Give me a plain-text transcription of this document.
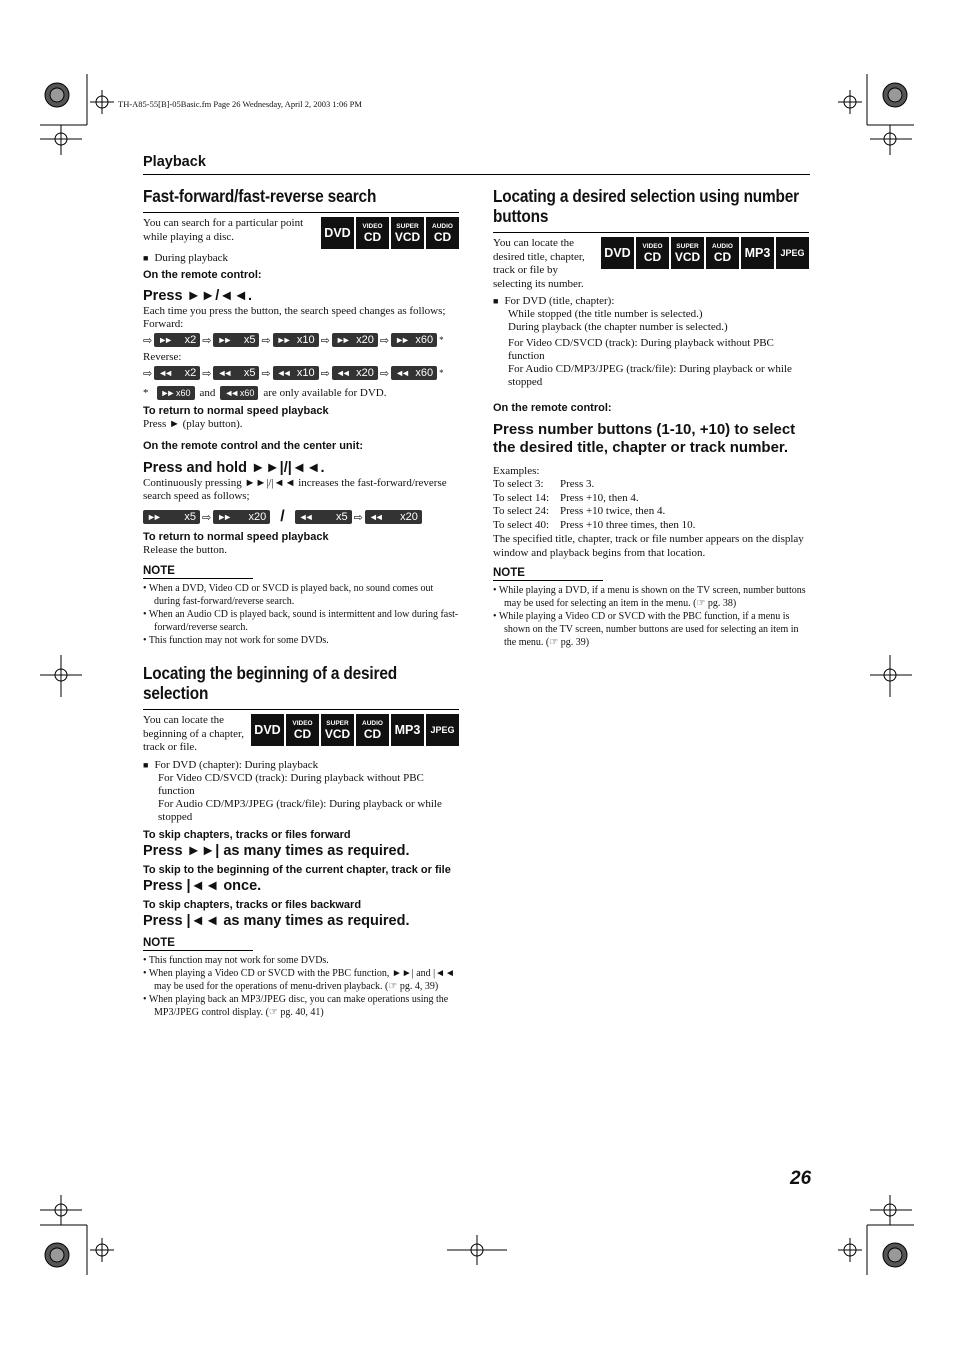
TH-A85-55[B]-05Basic.fm Page 26 Wednesday, April 2, 2003 1:06 PM
Playback
Fast-forward/fast-reverse search
You can search for a particular point while playing a disc.	DVD VIDEO
CD
SUPER
VCD
AUDIO
CD

■ During playback

On the remote control:

Press ►►/◄◄.

Each time you press the button, the search speed changes as follows;

Forward:

⇨ ►► x2 ⇨ ►► x5 ⇨ ►► x10 ⇨ ►► x20 ⇨ ►► x60 *

Reverse:

⇨ ◄◄ x2 ⇨ ◄◄ x5 ⇨ ◄◄ x10 ⇨ ◄◄ x20 ⇨ ◄◄ x60 *
* ►► x60 and ◄◄ x60 are only available for DVD.

To return to normal speed playback

Press ► (play button).

On the remote control and the center unit:

Press and hold ►►|/|◄◄.

Continuously pressing ►►|/|◄◄ increases the fast-forward/reverse search speed as follows;

►► x5 ⇨ ►► x20 / ◄◄ x5 ⇨ ◄◄ x20

To return to normal speed playback

Release the button.

NOTE

• When a DVD, Video CD or SVCD is played back, no sound comes out during fast-forward/reverse search.

• When an Audio CD is played back, sound is intermittent and low during fast-forward/reverse search.

• This function may not work for some DVDs.

Locating the beginning of a desired selection
You can locate the beginning of a chapter, track or file.
DVD VIDEO
CD
SUPER
VCD
AUDIO
CD MP3 JPEG

■ For DVD (chapter): During playback

For Video CD/SVCD (track): During playback without PBC function

For Audio CD/MP3/JPEG (track/file): During playback or while stopped

To skip chapters, tracks or files forward

Press ►►| as many times as required.

To skip to the beginning of the current chapter, track or file

Press |◄◄ once.

To skip chapters, tracks or files backward

Press |◄◄ as many times as required.

NOTE

• This function may not work for some DVDs.

• When playing a Video CD or SVCD with the PBC function, ►►| and |◄◄ may be used for the operations of menu-driven playback. (☞ pg. 4, 39)

• When playing back an MP3/JPEG disc, you can make operations using the MP3/JPEG control display. (☞ pg. 40, 41)

Locating a desired selection using number buttons
You can locate the desired title, chapter, track or file by selecting its number.
DVD VIDEO
CD
SUPER
VCD
AUDIO
CD MP3 JPEG

■ For DVD (title, chapter):

While stopped (the title number is selected.)

During playback (the chapter number is selected.)

For Video CD/SVCD (track): During playback without PBC function

For Audio CD/MP3/JPEG (track/file): During playback or while stopped

On the remote control:

Press number buttons (1-10, +10) to select the desired title, chapter or track number.

Examples:

To select 3:	Press 3.
To select 14: Press +10, then 4.
To select 24: Press +10 twice, then 4.
To select 40: Press +10 three times, then 10.

The specified title, chapter, track or file number appears on the display window and playback begins from that location.

NOTE

• While playing a DVD, if a menu is shown on the TV screen, number buttons may be used for selecting an item in the menu. (☞ pg. 38)

• While playing a Video CD or SVCD with the PBC function, if a menu is shown on the TV screen, number buttons are used for selecting an item in the menu. (☞ pg. 39)

26
